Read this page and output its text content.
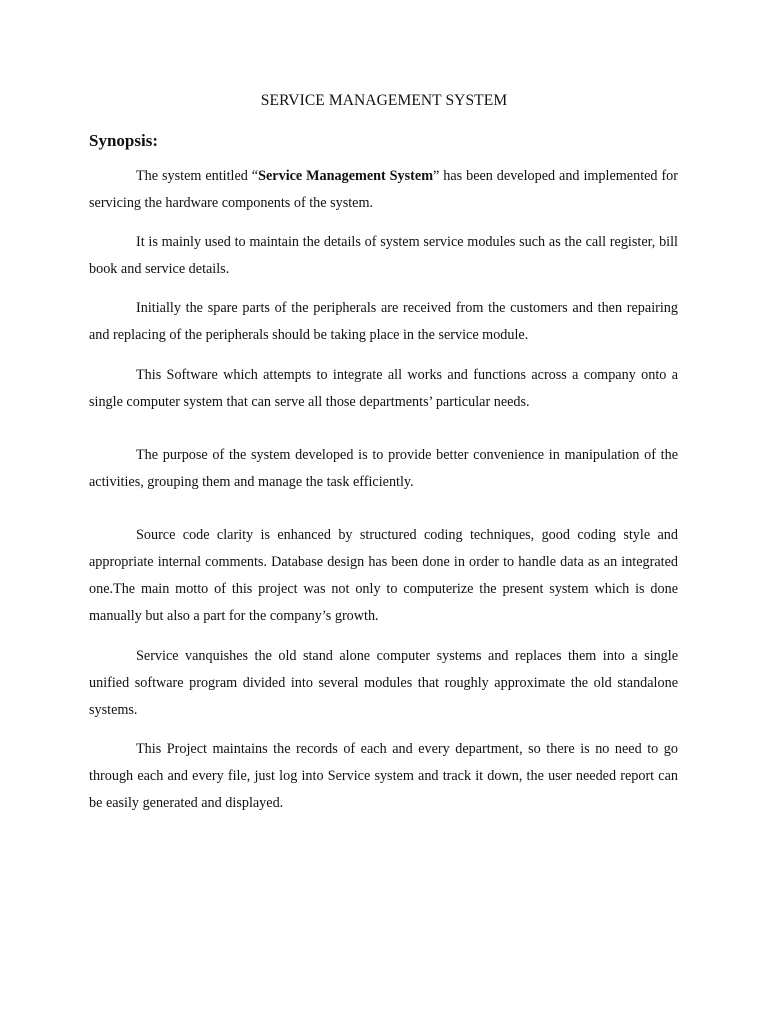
SERVICE MANAGEMENT SYSTEM
Synopsis:

The system entitled “Service Management System” has been developed and implemented for servicing the hardware components of the system.

It is mainly used to maintain the details of system service modules such as the call register, bill book and service details.

Initially the spare parts of the peripherals are received from the customers and then repairing and replacing of the peripherals should be taking place in the service module.

This Software which attempts to integrate all works and functions across a company onto a single computer system that can serve all those departments’ particular needs.

The purpose of the system developed is to provide better convenience in manipulation of the activities, grouping them and manage the task efficiently.

Source code clarity is enhanced by structured coding techniques, good coding style and appropriate internal comments. Database design has been done in order to handle data as an integrated one.The main motto of this project was not only to computerize the present system which is done manually but also a part for the company’s growth.

Service vanquishes the old stand alone computer systems and replaces them into a single unified software program divided into several modules that roughly approximate the old standalone systems.

This Project maintains the records of each and every department, so there is no need to go through each and every file, just log into Service system and track it down, the user needed report can be easily generated and displayed.
